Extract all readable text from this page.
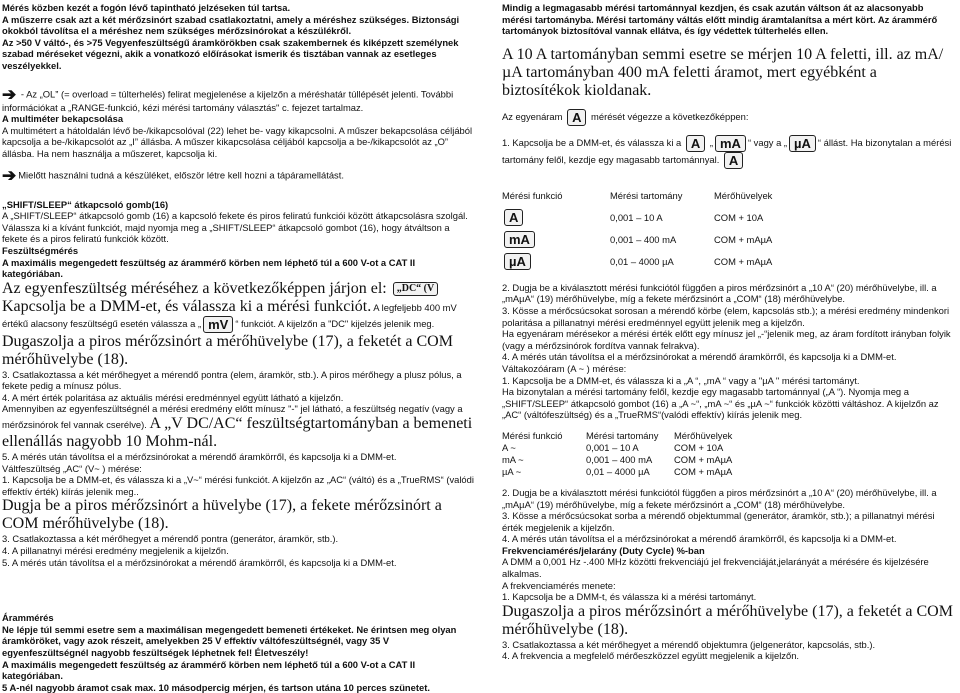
Mérés közben kezét a fogón lévő tapintható jelzéseken túl tartsa.

A műszerre csak azt a két mérőzsinórt szabad csatlakoztatni, amely a méréshez szükséges. Biztonsági okokból távolítsa el a méréshez nem szükséges mérőzsinórokat a készülékről.

Az >50 V váltó-, és >75 Vegyenfeszültségű áramkörökben csak szakembernek és kiképzett személynek szabad méréseket végezni, akik a vonatkozó előírásokat ismerik és tisztában vannak az esetleges veszélyekkel.

➔ - Az „OL” (= overload = túlterhelés) felirat megjelenése a kijelzőn a méréshatár túllépését jelenti. További információkat a „RANGE-funkció, kézi mérési tartomány választás" c. fejezet tartalmaz.

A multiméter bekapcsolása

A multimétert a hátoldalán lévő be-/kikapcsolóval (22) lehet be- vagy kikapcsolni. A műszer bekapcsolása céljából kapcsolja a be-/kikapcsolót az „I” állásba. A műszer kikapcsolása céljából kapcsolja a be-/kikapcsolót az „O” állásba. Ha nem használja a műszeret, kapcsolja ki.

➔ Mielőtt használni tudná a készüléket, először létre kell hozni a tápáramellátást.

„SHIFT/SLEEP“ átkapcsoló gomb(16)

A „SHIFT/SLEEP“ átkapcsoló gomb (16) a kapcsoló fekete és piros feliratú funkciói között átkapcsolásra szolgál. Válassza ki a kívánt funkciót, majd nyomja meg a „SHIFT/SLEEP“ átkapcsoló gombot (16), hogy átváltson a fekete és a piros feliratú funkciók között.

Feszültségmérés

A maximális megengedett feszültség az árammérő körben nem léphető túl a 600 V-ot a CAT II kategóriában.

Az egyenfeszültség méréséhez a következőképpen járjon el: „DC“ (V

Kapcsolja be a DMM-et, és válassza ki a mérési funkciót. A legfeljebb 400 mV

értékű alacsony feszültségű esetén válassza a „ mV “ funkciót. A kijelzőn a "DC" kijelzés jelenik meg.

Dugaszolja a piros mérőzsinórt a mérőhüvelybe (17), a feketét a COM mérőhüvelybe (18).

3. Csatlakoztassa a két mérőhegyet a mérendő pontra (elem, áramkör, stb.). A piros mérőhegy a plusz pólus, a fekete pedig a mínusz pólus.

4. A mért érték polaritása az aktuális mérési eredménnyel együtt látható a kijelzőn.

Amennyiben az egyenfeszültségnél a mérési eredmény előtt mínusz "-" jel látható, a feszültség negatív (vagy a mérőzsinórok fel vannak cserélve). A „V DC/AC“ feszültségtartományban a bemeneti ellenállás nagyobb 10 Mohm-nál.

5. A mérés után távolítsa el a mérőzsinórokat a mérendő áramkörről, és kapcsolja ki a DMM-et.

Váltfeszültség „AC“ (V~ ) mérése:

1. Kapcsolja be a DMM-et, és válassza ki a „V~“ mérési funkciót. A kijelzőn az „AC“ (váltó) és a „TrueRMS“ (valódi effektív érték) kiírás jelenik meg..

Dugja be a piros mérőzsinórt a hüvelybe (17), a fekete mérőzsinórt a COM mérőhüvelybe (18).

3. Csatlakoztassa a két mérőhegyet a mérendő pontra (generátor, áramkör, stb.).

4. A pillanatnyi mérési eredmény megjelenik a kijelzőn.

5. A mérés után távolítsa el a mérőzsinórokat a mérendő áramkörről, és kapcsolja ki a DMM-et.

Árammérés

Ne lépje túl semmi esetre sem a maximálisan megengedett bemeneti értékeket. Ne érintsen meg olyan áramköröket, vagy azok részeit, amelyekben 25 V effektív váltófeszültségnél, vagy 35 V egyenfeszültségnél nagyobb feszültségek léphetnek fel! Életveszély!

A maximális megengedett feszültség az árammérő körben nem léphető túl a 600 V-ot a CAT II kategóriában.

5 A-nél nagyobb áramot csak max. 10 másodpercig mérjen, és tartson utána 10 perces szünetet.

Mindig a legmagasabb mérési tartománnyal kezdjen, és csak azután váltson át az alacsonyabb mérési tartományba. Mérési tartomány váltás előtt mindig áramtalanítsa a mért kört. Az árammérő tartományok biztosítóval vannak ellátva, és így védettek túlterhelés ellen.

A 10 A tartományban semmi esetre se mérjen 10 A feletti, ill. az mA/µA tartományban 400 mA feletti áramot, mert egyébként a biztosítékok kioldanak.

Az egyenáram A mérését végezze a következőképpen:

1. Kapcsolja be a DMM-et, és válassza ki a A „ mA “ vagy a „ µA “ állást. Ha bizonytalan a mérési tartomány felől, kezdje egy magasabb tartománnyal. A

Mérési funkció	Mérési tartomány	Mérőhüvelyek
A	0,001 – 10 A	COM + 10A
mA	0,001 – 400 mA	COM + mAµA
µA	0,01 – 4000 µA	COM + mAµA

2. Dugja be a kiválasztott mérési funkciótól függően a piros mérőzsinórt a „10 A“ (20) mérőhüvelybe, ill. a „mAµA“ (19) mérőhüvelybe, míg a fekete mérőzsinórt a „COM“ (18) mérőhüvelybe.

3. Kösse a mérőcsúcsokat sorosan a mérendő körbe (elem, kapcsolás stb.); a mérési eredmény mindenkori polaritása a pillanatnyi mérési eredménnyel együtt jelenik meg a kijelzőn.

Ha egyenáram mérésekor a mérési érték előtt egy mínusz jel „-“jelenik meg, az áram fordított irányban folyik (vagy a mérőzsinórok fordítva vannak felrakva).

4. A mérés után távolítsa el a mérőzsinórokat a mérendő áramkörről, és kapcsolja ki a DMM-et.

Váltakozóáram (A ~ ) mérése:

1. Kapcsolja be a DMM-et, és válassza ki a „A “, „mA “ vagy a "µA " mérési tartományt.

Ha bizonytalan a mérési tartomány felől, kezdje egy magasabb tartománnyal („A “). Nyomja meg a „SHIFT/SLEEP“ átkapcsoló gombot (16) a „A ~“, „mA ~“ és „µA ~“ funkciók közötti váltáshoz. A kijelzőn az „AC“ (váltófeszültség) és a „TrueRMS“(valódi effektív) kiírás jelenik meg.

Mérési funkció	Mérési tartomány	Mérőhüvelyek
A ~	0,001 – 10 A	COM + 10A
mA ~	0,001 – 400 mA	COM + mAµA
µA ~	0,01 – 4000 µA	COM + mAµA

2. Dugja be a kiválasztott mérési funkciótól függően a piros mérőzsinórt a „10 A“ (20) mérőhüvelybe, ill. a „mAµA“ (19) mérőhüvelybe, míg a fekete mérőzsinórt a „COM“ (18) mérőhüvelybe.

3. Kösse a mérőcsúcsokat sorba a mérendő objektummal (generátor, áramkör, stb.); a pillanatnyi mérési érték megjelenik a kijelzőn.

4. A mérés után távolítsa el a mérőzsinórokat a mérendő áramkörről, és kapcsolja ki a DMM-et.

Frekvenciamérés/jelarány (Duty Cycle) %-ban

A DMM a 0,001 Hz -.400 MHz közötti frekvenciájú jel frekvenciáját,jelarányát a mérésére és kijelzésére alkalmas.

A frekvenciamérés menete:

1. Kapcsolja be a DMM-t, és válassza ki a mérési tartományt.

Dugaszolja a piros mérőzsinórt a mérőhüvelybe (17), a feketét a COM mérőhüvelybe (18).

3. Csatlakoztassa a két mérőhegyet a mérendő objektumra (jelgenerátor, kapcsolás, stb.).

4. A frekvencia a megfelelő mérőeszközzel együtt megjelenik a kijelzőn.
